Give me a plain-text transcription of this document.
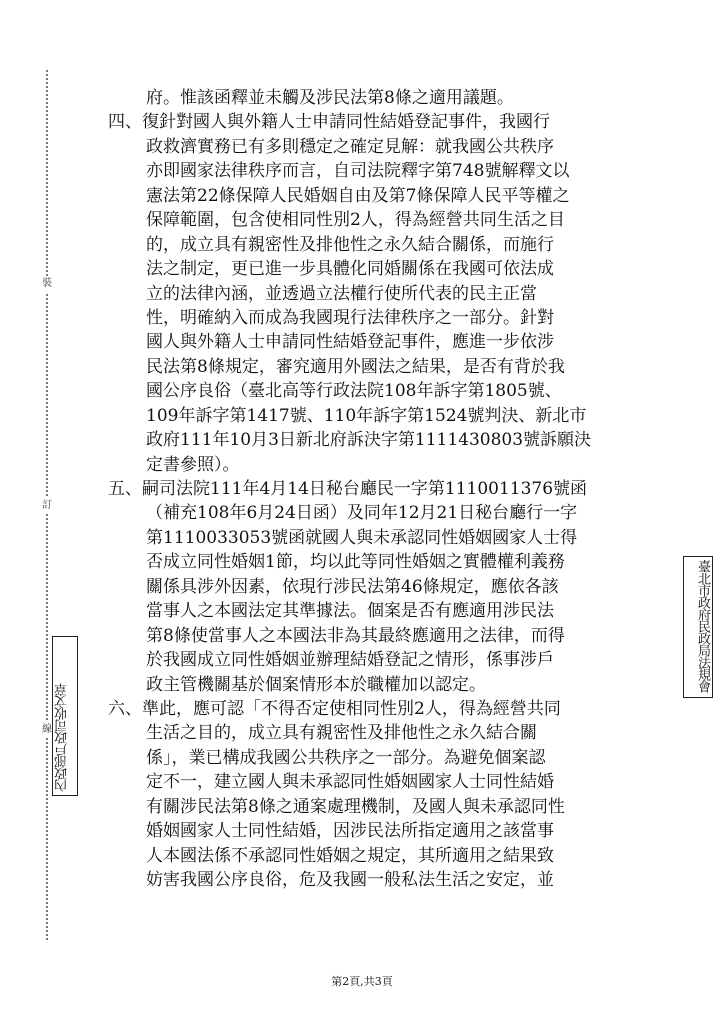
裝
訂
線 內政部戶政司收文章
臺北市政府民政局法規會
府。惟該函釋並未觸及涉民法第8條之適用議題。
四、復針對國人與外籍人士申請同性結婚登記事件，我國行
政救濟實務已有多則穩定之確定見解：就我國公共秩序
亦即國家法律秩序而言，自司法院釋字第748號解釋文以
憲法第22條保障人民婚姻自由及第7條保障人民平等權之
保障範圍，包含使相同性別2人，得為經營共同生活之目
的，成立具有親密性及排他性之永久結合關係，而施行
法之制定，更已進一步具體化同婚關係在我國可依法成
立的法律內涵，並透過立法權行使所代表的民主正當
性，明確納入而成為我國現行法律秩序之一部分。針對
國人與外籍人士申請同性結婚登記事件，應進一步依涉
民法第8條規定，審究適用外國法之結果，是否有背於我
國公序良俗（臺北高等行政法院108年訴字第1805號、
109年訴字第1417號、110年訴字第1524號判決、新北市
政府111年10月3日新北府訴決字第1111430803號訴願決
定書參照）。
五、嗣司法院111年4月14日秘台廳民一字第1110011376號函
（補充108年6月24日函）及同年12月21日秘台廳行一字
第1110033053號函就國人與未承認同性婚姻國家人士得
否成立同性婚姻1節，均以此等同性婚姻之實體權利義務
關係具涉外因素，依現行涉民法第46條規定，應依各該
當事人之本國法定其準據法。個案是否有應適用涉民法
第8條使當事人之本國法非為其最終應適用之法律，而得
於我國成立同性婚姻並辦理結婚登記之情形，係事涉戶
政主管機關基於個案情形本於職權加以認定。
六、準此，應可認「不得否定使相同性別2人，得為經營共同
生活之目的，成立具有親密性及排他性之永久結合關
係」，業已構成我國公共秩序之一部分。為避免個案認
定不一，建立國人與未承認同性婚姻國家人士同性結婚
有關涉民法第8條之通案處理機制，及國人與未承認同性
婚姻國家人士同性結婚，因涉民法所指定適用之該當事
人本國法係不承認同性婚姻之規定，其所適用之結果致
妨害我國公序良俗，危及我國一般私法生活之安定，並
第2頁,共3頁
